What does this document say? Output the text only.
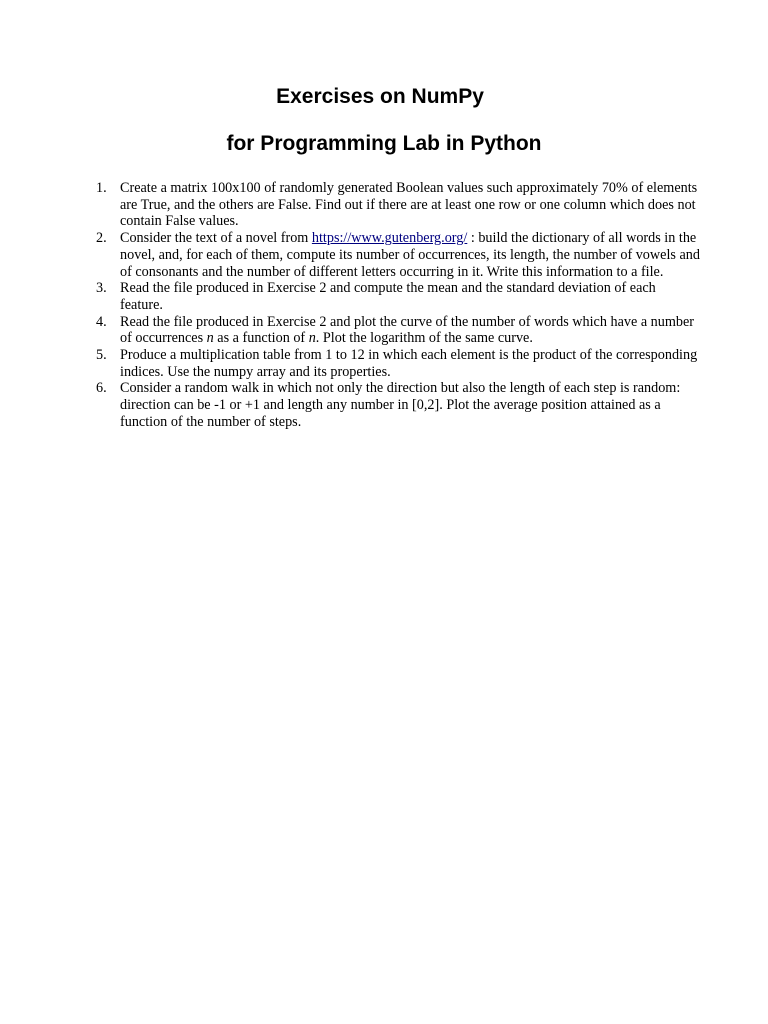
Exercises on NumPy
for Programming Lab in Python
1. Create a matrix 100x100 of randomly generated Boolean values such approximately 70% of elements are True, and the others are False. Find out if there are at least one row or one column which does not contain False values.
2. Consider the text of a novel from https://www.gutenberg.org/ : build the dictionary of all words in the novel, and, for each of them, compute its number of occurrences, its length, the number of vowels and of consonants and the number of different letters occurring in it. Write this information to a file.
3. Read the file produced in Exercise 2 and compute the mean and the standard deviation of each feature.
4. Read the file produced in Exercise 2 and plot the curve of the number of words which have a number of occurrences n as a function of n. Plot the logarithm of the same curve.
5. Produce a multiplication table from 1 to 12 in which each element is the product of the corresponding indices. Use the numpy array and its properties.
6. Consider a random walk in which not only the direction but also the length of each step is random: direction can be -1 or +1 and length any number in [0,2]. Plot the average position attained as a function of the number of steps.
